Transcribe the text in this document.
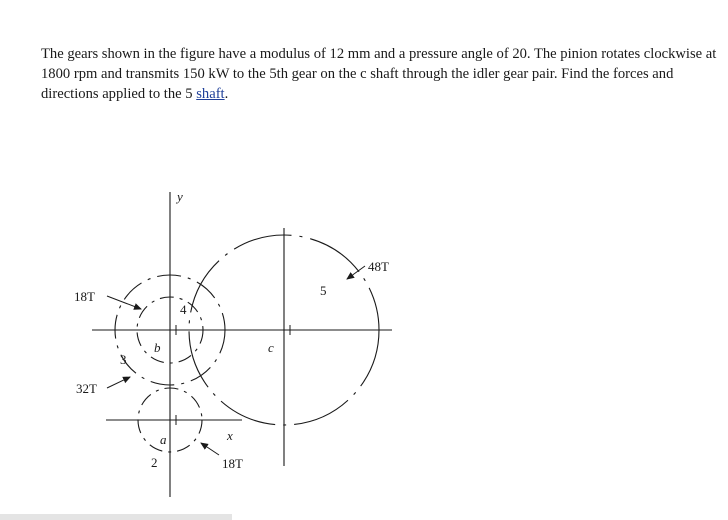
The gears shown in the figure have a modulus of 12 mm and a pressure angle of 20. The pinion rotates clockwise at 1800 rpm and transmits 150 kW to the 5th gear on the c shaft through the idler gear pair. Find the forces and directions applied to the 5 shaft.

y
x
48T
18T
32T
18T
5
4
3
2
b	c
a
